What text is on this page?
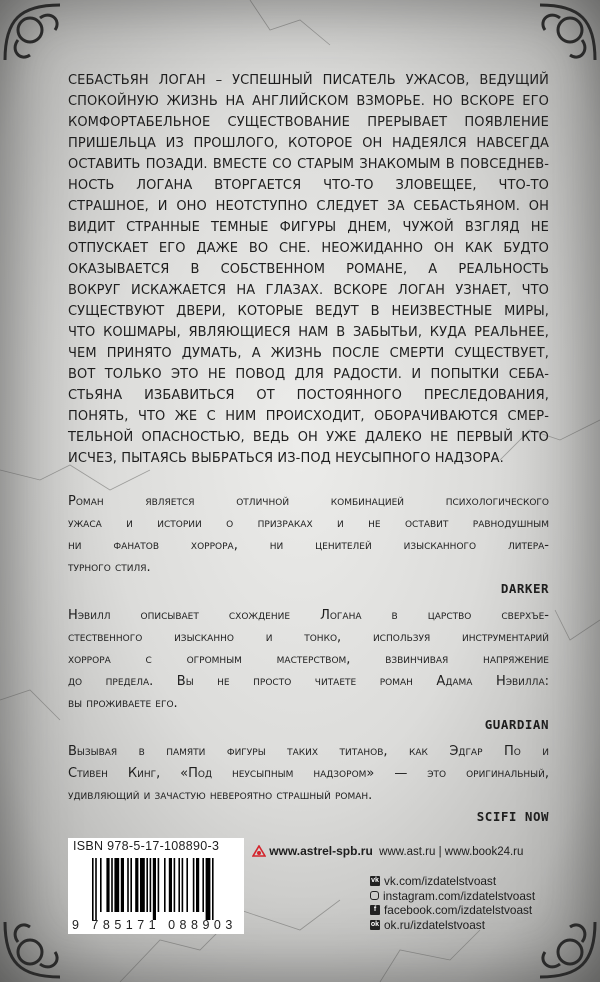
СЕБАСТЬЯН ЛОГАН – УСПЕШНЫЙ ПИСАТЕЛЬ УЖАСОВ, ВЕДУЩИЙ
СПОКОЙНУЮ ЖИЗНЬ НА АНГЛИЙСКОМ ВЗМОРЬЕ. НО ВСКОРЕ ЕГО
КОМФОРТАБЕЛЬНОЕ СУЩЕСТВОВАНИЕ ПРЕРЫВАЕТ ПОЯВЛЕНИЕ
ПРИШЕЛЬЦА ИЗ ПРОШЛОГО, КОТОРОЕ ОН НАДЕЯЛСЯ НАВСЕГДА
ОСТАВИТЬ ПОЗАДИ. ВМЕСТЕ СО СТАРЫМ ЗНАКОМЫМ В ПОВСЕДНЕВ-
НОСТЬ ЛОГАНА ВТОРГАЕТСЯ ЧТО-ТО ЗЛОВЕЩЕЕ, ЧТО-ТО
СТРАШНОЕ, И ОНО НЕОТСТУПНО СЛЕДУЕТ ЗА СЕБАСТЬЯНОМ. ОН
ВИДИТ СТРАННЫЕ ТЕМНЫЕ ФИГУРЫ ДНЕМ, ЧУЖОЙ ВЗГЛЯД НЕ
ОТПУСКАЕТ ЕГО ДАЖЕ ВО СНЕ. НЕОЖИДАННО ОН КАК БУДТО
ОКАЗЫВАЕТСЯ В СОБСТВЕННОМ РОМАНЕ, А РЕАЛЬНОСТЬ
ВОКРУГ ИСКАЖАЕТСЯ НА ГЛАЗАХ. ВСКОРЕ ЛОГАН УЗНАЕТ, ЧТО
СУЩЕСТВУЮТ ДВЕРИ, КОТОРЫЕ ВЕДУТ В НЕИЗВЕСТНЫЕ МИРЫ,
ЧТО КОШМАРЫ, ЯВЛЯЮЩИЕСЯ НАМ В ЗАБЫТЬИ, КУДА РЕАЛЬНЕЕ,
ЧЕМ ПРИНЯТО ДУМАТЬ, А ЖИЗНЬ ПОСЛЕ СМЕРТИ СУЩЕСТВУЕТ,
ВОТ ТОЛЬКО ЭТО НЕ ПОВОД ДЛЯ РАДОСТИ. И ПОПЫТКИ СЕБА-
СТЬЯНА ИЗБАВИТЬСЯ ОТ ПОСТОЯННОГО ПРЕСЛЕДОВАНИЯ,
ПОНЯТЬ, ЧТО ЖЕ С НИМ ПРОИСХОДИТ, ОБОРАЧИВАЮТСЯ СМЕР-
ТЕЛЬНОЙ ОПАСНОСТЬЮ, ВЕДЬ ОН УЖЕ ДАЛЕКО НЕ ПЕРВЫЙ КТО
ИСЧЕЗ, ПЫТАЯСЬ ВЫБРАТЬСЯ ИЗ-ПОД НЕУСЫПНОГО НАДЗОРА.
Роман является отличной комбинацией психологического
ужаса и истории о призраках и не оставит равнодушным
ни фанатов хоррора, ни ценителей изысканного литера-
турного стиля.
DARKER
Нэвилл описывает схождение Логана в царство сверхъе-
стественного изысканно и тонко, используя инструментарий
хоррора с огромным мастерством, взвинчивая напряжение
до предела. Вы не просто читаете роман Адама Нэвилла:
вы проживаете его.
GUARDIAN
Вызывая в памяти фигуры таких титанов, как Эдгар По и
Стивен Кинг, «Под неусыпным надзором» — это оригинальный,
удивляющий и зачастую невероятно страшный роман.
SCIFI NOW
ISBN 978-5-17-108890-3
9 785171 088903
www.astrel-spb.ru www.ast.ru | www.book24.ru
vk vk.com/izdatelstvoast
instagram.com/izdatelstvoast
f facebook.com/izdatelstvoast
ok ok.ru/izdatelstvoast
